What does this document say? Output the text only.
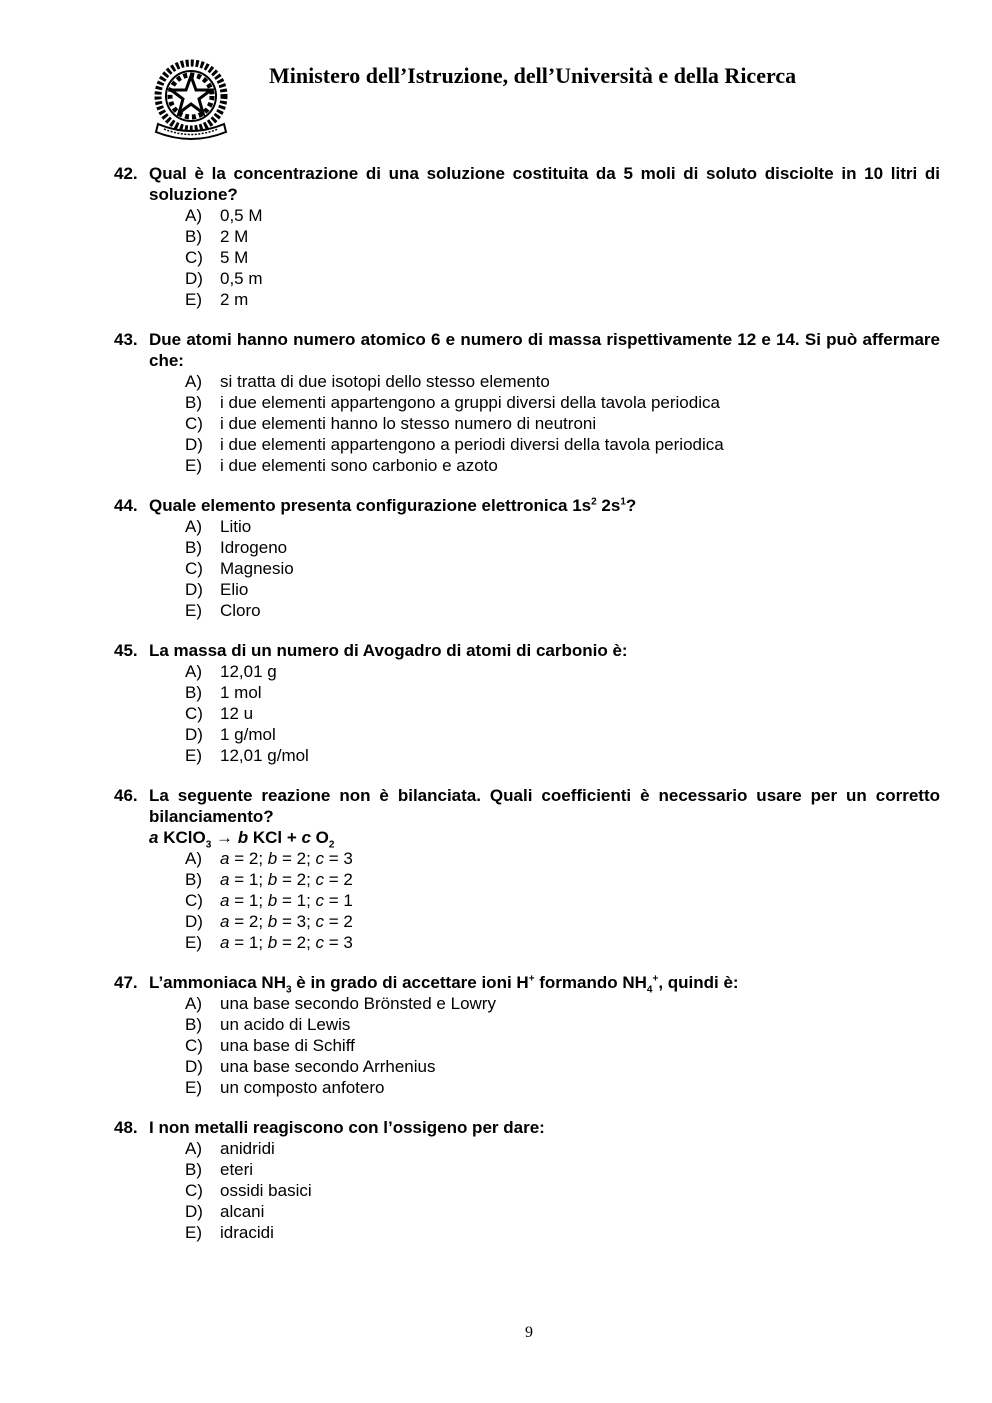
Ministero dell’Istruzione, dell’Università e della Ricerca
42. Qual è la concentrazione di una soluzione costituita da 5 moli di soluto disciolte in 10 litri di soluzione?
A)	0,5 M
B)	2 M
C)	5 M
D)	0,5 m
E)	2 m
43. Due atomi hanno numero atomico 6 e numero di massa rispettivamente 12 e 14. Si può affermare che:
A)	si tratta di due isotopi dello stesso elemento
B)	i due elementi appartengono a gruppi diversi della tavola periodica
C)	i due elementi hanno lo stesso numero di neutroni
D)	i due elementi appartengono a periodi diversi della tavola periodica
E)	i due elementi sono carbonio e azoto
44. Quale elemento presenta configurazione elettronica $1s^2$ $2s^1$?
A)	Litio
B)	Idrogeno
C)	Magnesio
D)	Elio
E)	Cloro
45. La massa di un numero di Avogadro di atomi di carbonio è:
A)	12,01 g
B)	1 mol
C)	12 u
D)	1 g/mol
E)	12,01 g/mol
46. La seguente reazione non è bilanciata. Quali coefficienti è necessario usare per un corretto bilanciamento?
a KClO$_3$ → b KCl + c $O_2$
A)	a = 2; b = 2; c = 3
B)	a = 1; b = 2; c = 2
C)	a = 1; b = 1; c = 1
D)	a = 2; b = 3; c = 2
E)	a = 1; b = 2; c = 3
47. L’ammoniaca $NH_3$ è in grado di accettare ioni H+ formando $NH_4^+$, quindi è:
A)	una base secondo Brönsted e Lowry
B)	un acido di Lewis
C)	una base di Schiff
D)	una base secondo Arrhenius
E)	un composto anfotero
48. I non metalli reagiscono con l’ossigeno per dare:
A)	anidridi
B)	eteri
C)	ossidi basici
D)	alcani
E)	idracidi
9
